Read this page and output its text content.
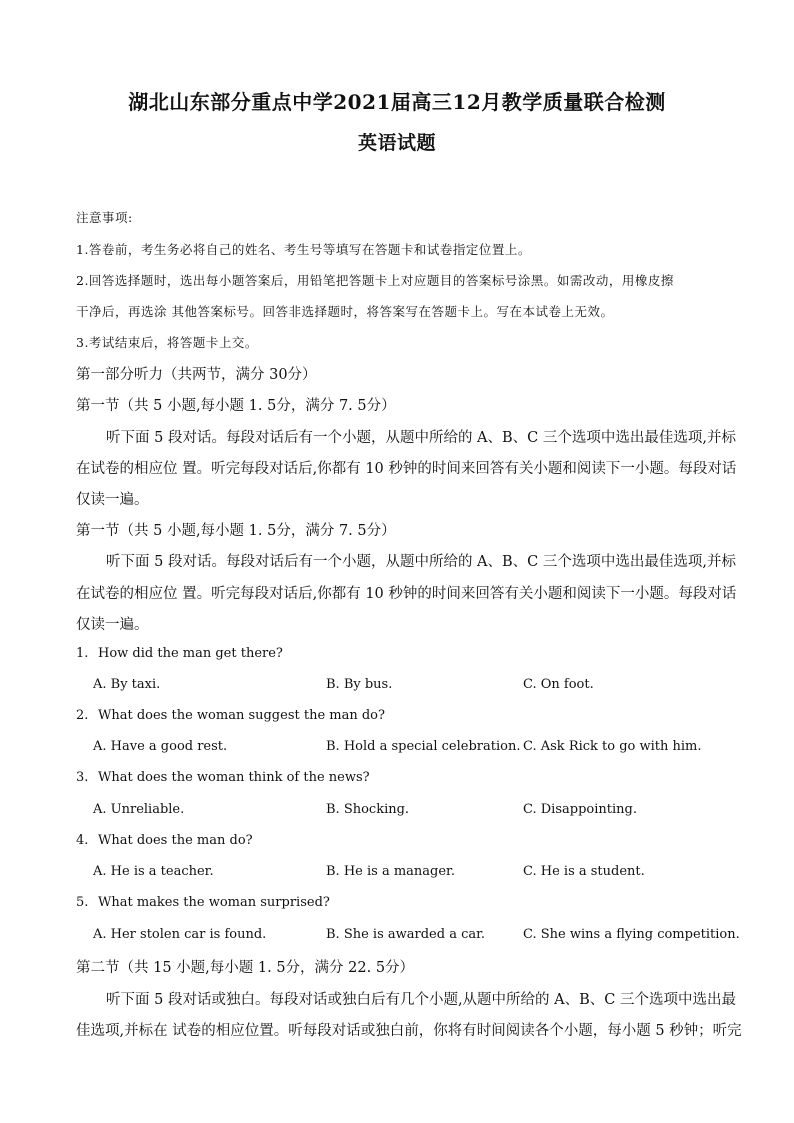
湖北山东部分重点中学2021届高三12月教学质量联合检测
英语试题
注意事项:
1.答卷前，考生务必将自己的姓名、考生号等填写在答题卡和试卷指定位置上。
2.回答选择题时，选出每小题答案后，用铅笔把答题卡上对应题目的答案标号涂黑。如需改动，用橡皮擦
干净后，再选涂 其他答案标号。回答非选择题时，将答案写在答题卡上。写在本试卷上无效。
3.考试结束后，将答题卡上交。
第一部分听力（共两节，满分 30分）
第一节（共 5 小题,每小题 1. 5分，满分 7. 5分）
听下面 5 段对话。每段对话后有一个小题，从题中所给的 A、B、C 三个选项中选出最佳选项,并标
在试卷的相应位 置。听完每段对话后,你都有 10 秒钟的时间来回答有关小题和阅读下一小题。每段对话
仅读一遍。
第一节（共 5 小题,每小题 1. 5分，满分 7. 5分）
听下面 5 段对话。每段对话后有一个小题，从题中所给的 A、B、C 三个选项中选出最佳选项,并标
在试卷的相应位 置。听完每段对话后,你都有 10 秒钟的时间来回答有关小题和阅读下一小题。每段对话
仅读一遍。
1. How did the man get there?
A. By taxi.	B. By bus.	C. On foot.
2. What does the woman suggest the man do?
A. Have a good rest.	B. Hold a special celebration. C. Ask Rick to go with him.
3. What does the woman think of the news?
A. Unreliable.	B. Shocking.	C. Disappointing.
4. What does the man do?
A. He is a teacher.	B. He is a manager.	C. He is a student.
5. What makes the woman surprised?
A. Her stolen car is found.	B. She is awarded a car.	C. She wins a flying competition.
第二节（共 15 小题,每小题 1. 5分，满分 22. 5分）
听下面 5 段对话或独白。每段对话或独白后有几个小题,从题中所给的 A、B、C 三个选项中选出最
佳选项,并标在 试卷的相应位置。听每段对话或独白前，你将有时间阅读各个小题，每小题 5 秒钟；听完
